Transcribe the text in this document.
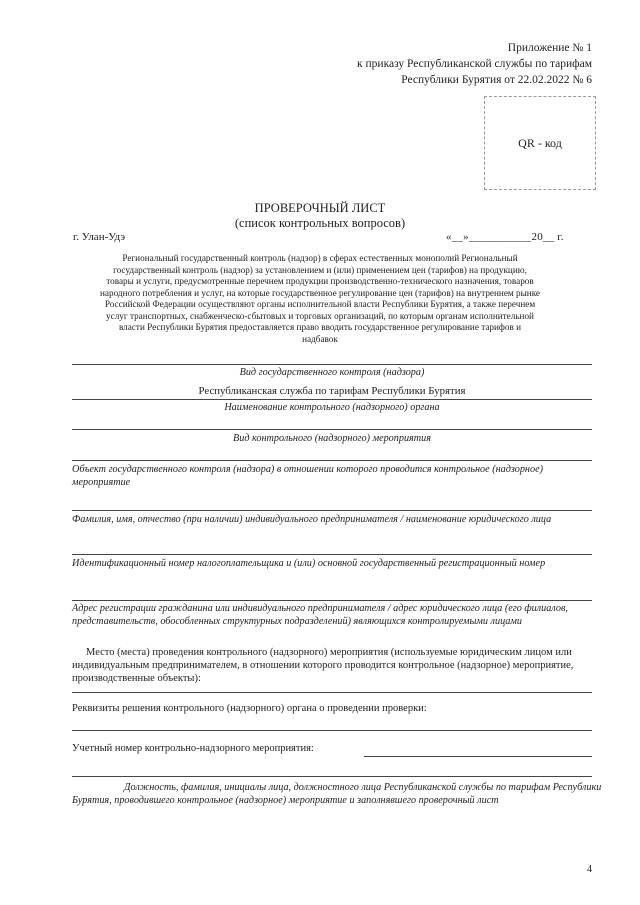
Приложение № 1
к приказу Республиканской службы по тарифам
Республики Бурятия от 22.02.2022 № 6
QR - код
ПРОВЕРОЧНЫЙ ЛИСТ
(список контрольных вопросов)
г. Улан-Удэ	«__»___________20__ г.
Региональный государственный контроль (надзор) в сферах естественных монополий Региональный государственный контроль (надзор) за установлением и (или) применением цен (тарифов) на продукцию, товары и услуги, предусмотренные перечнем продукции производственно-технического назначения, товаров народного потребления и услуг, на которые государственное регулирование цен (тарифов) на внутреннем рынке Российской Федерации осуществляют органы исполнительной власти Республики Бурятия, а также перечнем услуг транспортных, снабженческо-сбытовых и торговых организаций, по которым органам исполнительной власти Республики Бурятия предоставляется право вводить государственное регулирование тарифов и надбавок
Вид государственного контроля (надзора)
Республиканская служба по тарифам Республики Бурятия
Наименование контрольного (надзорного) органа
Вид контрольного (надзорного) мероприятия
Объект государственного контроля (надзора) в отношении которого проводится контрольное (надзорное) мероприятие
Фамилия, имя, отчество (при наличии) индивидуального предпринимателя / наименование юридического лица
Идентификационный номер налогоплательщика и (или) основной государственный регистрационный номер
Адрес регистрации гражданина или индивидуального предпринимателя / адрес юридического лица (его филиалов, представительств, обособленных структурных подразделений) являющихся контролируемыми лицами
Место (места) проведения контрольного (надзорного) мероприятия (используемые юридическим лицом или индивидуальным предпринимателем, в отношении которого проводится контрольное (надзорное) мероприятие, производственные объекты):
Реквизиты решения контрольного (надзорного) органа о проведении проверки:
Учетный номер контрольно-надзорного мероприятия:
Должность, фамилия, инициалы лица, должностного лица Республиканской службы по тарифам Республики Бурятия, проводившего контрольное (надзорное) мероприятие и заполнявшего проверочный лист
4
